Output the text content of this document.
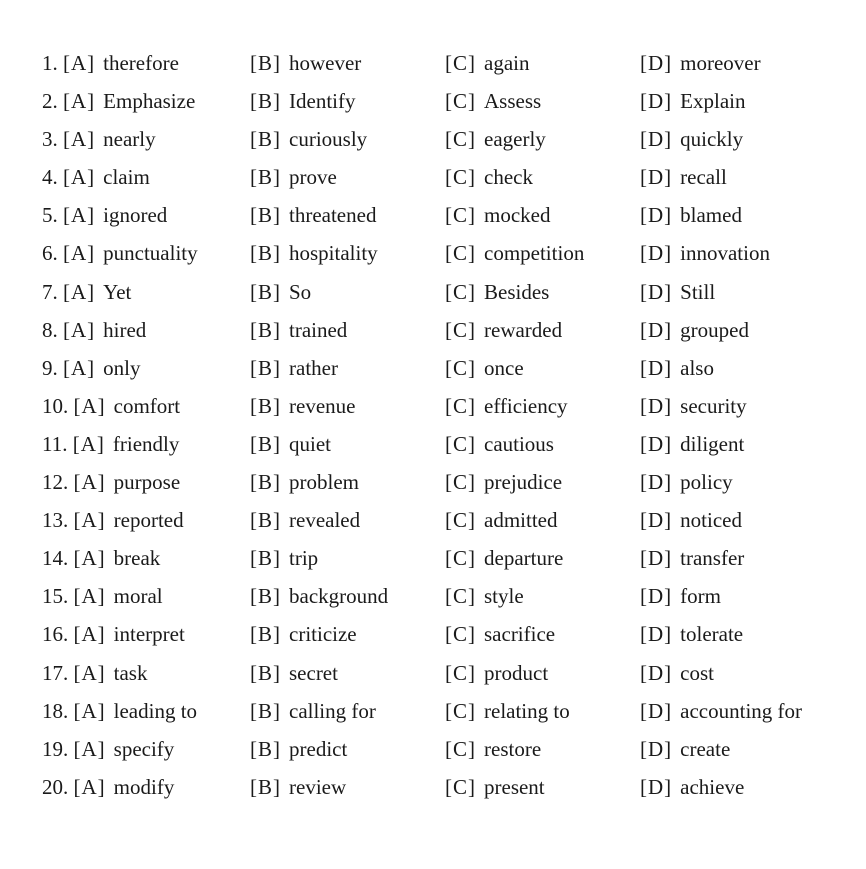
1. [A] therefore	[B] however	[C] again	[D] moreover
2. [A] Emphasize	[B] Identify	[C] Assess	[D] Explain
3. [A] nearly	[B] curiously	[C] eagerly	[D] quickly
4. [A] claim	[B] prove	[C] check	[D] recall
5. [A] ignored	[B] threatened	[C] mocked	[D] blamed
6. [A] punctuality [B] hospitality	[C] competition	[D] innovation
7. [A] Yet	[B] So	[C] Besides	[D] Still
8. [A] hired	[B] trained	[C] rewarded	[D] grouped
9. [A] only	[B] rather	[C] once	[D] also
10. [A] comfort	[B] revenue	[C] efficiency	[D] security
11. [A] friendly	[B] quiet	[C] cautious	[D] diligent
12. [A] purpose	[B] problem	[C] prejudice	[D] policy
13. [A] reported	[B] revealed	[C] admitted	[D] noticed
14. [A] break	[B] trip	[C] departure	[D] transfer
15. [A] moral	[B] background	[C] style	[D] form
16. [A] interpret	[B] criticize	[C] sacrifice	[D] tolerate
17. [A] task	[B] secret	[C] product	[D] cost
18. [A] leading to	[B] calling for	[C] relating to	[D] accounting for
19. [A] specify	[B] predict	[C] restore	[D] create
20. [A] modify	[B] review	[C] present	[D] achieve
